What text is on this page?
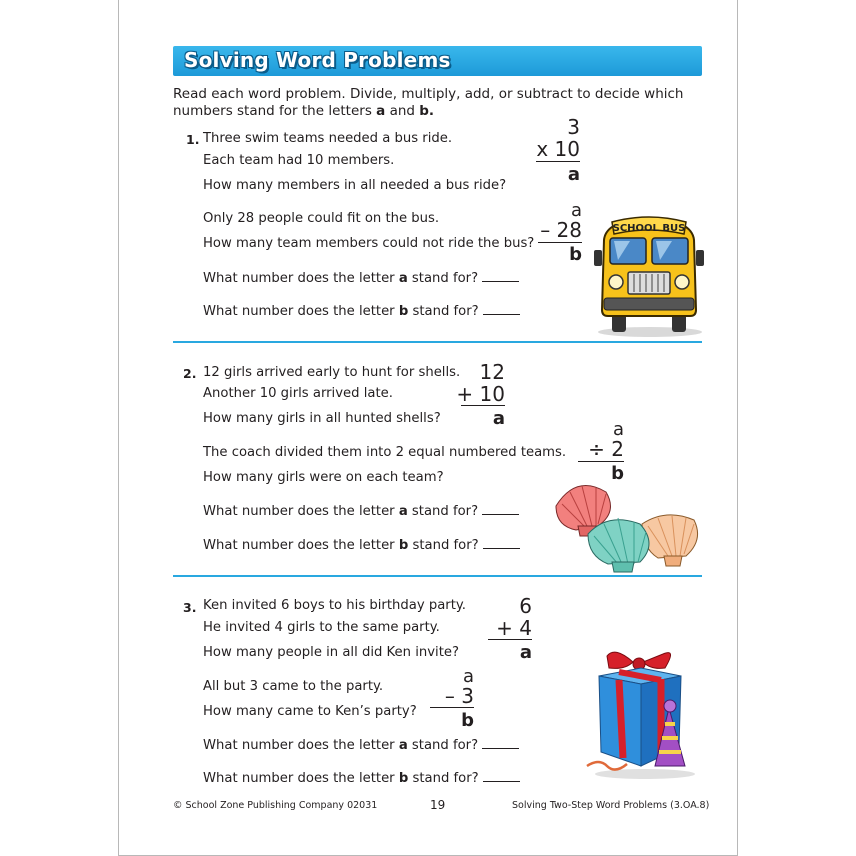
Solving Word Problems
Read each word problem. Divide, multiply, add, or subtract to decide which
numbers stand for the letters a and b.
1. Three swim teams needed a bus ride.
Each team had 10 members.
How many members in all needed a bus ride?
Only 28 people could fit on the bus.
How many team members could not ride the bus?
What number does the letter a stand for?
What number does the letter b stand for?
3
x 10
a
a
– 28
b
SCHOOL BUS
2. 12 girls arrived early to hunt for shells.
Another 10 girls arrived late.
How many girls in all hunted shells?
The coach divided them into 2 equal numbered teams.
How many girls were on each team?
What number does the letter a stand for?
What number does the letter b stand for?
12
+ 10
a
a
÷ 2
b
3. Ken invited 6 boys to his birthday party.
He invited 4 girls to the same party.
How many people in all did Ken invite?
All but 3 came to the party.
How many came to Ken’s party?
What number does the letter a stand for?
What number does the letter b stand for?
6
+ 4
a
a
– 3
b
© School Zone Publishing Company 02031	19	Solving Two-Step Word Problems (3.OA.8)
